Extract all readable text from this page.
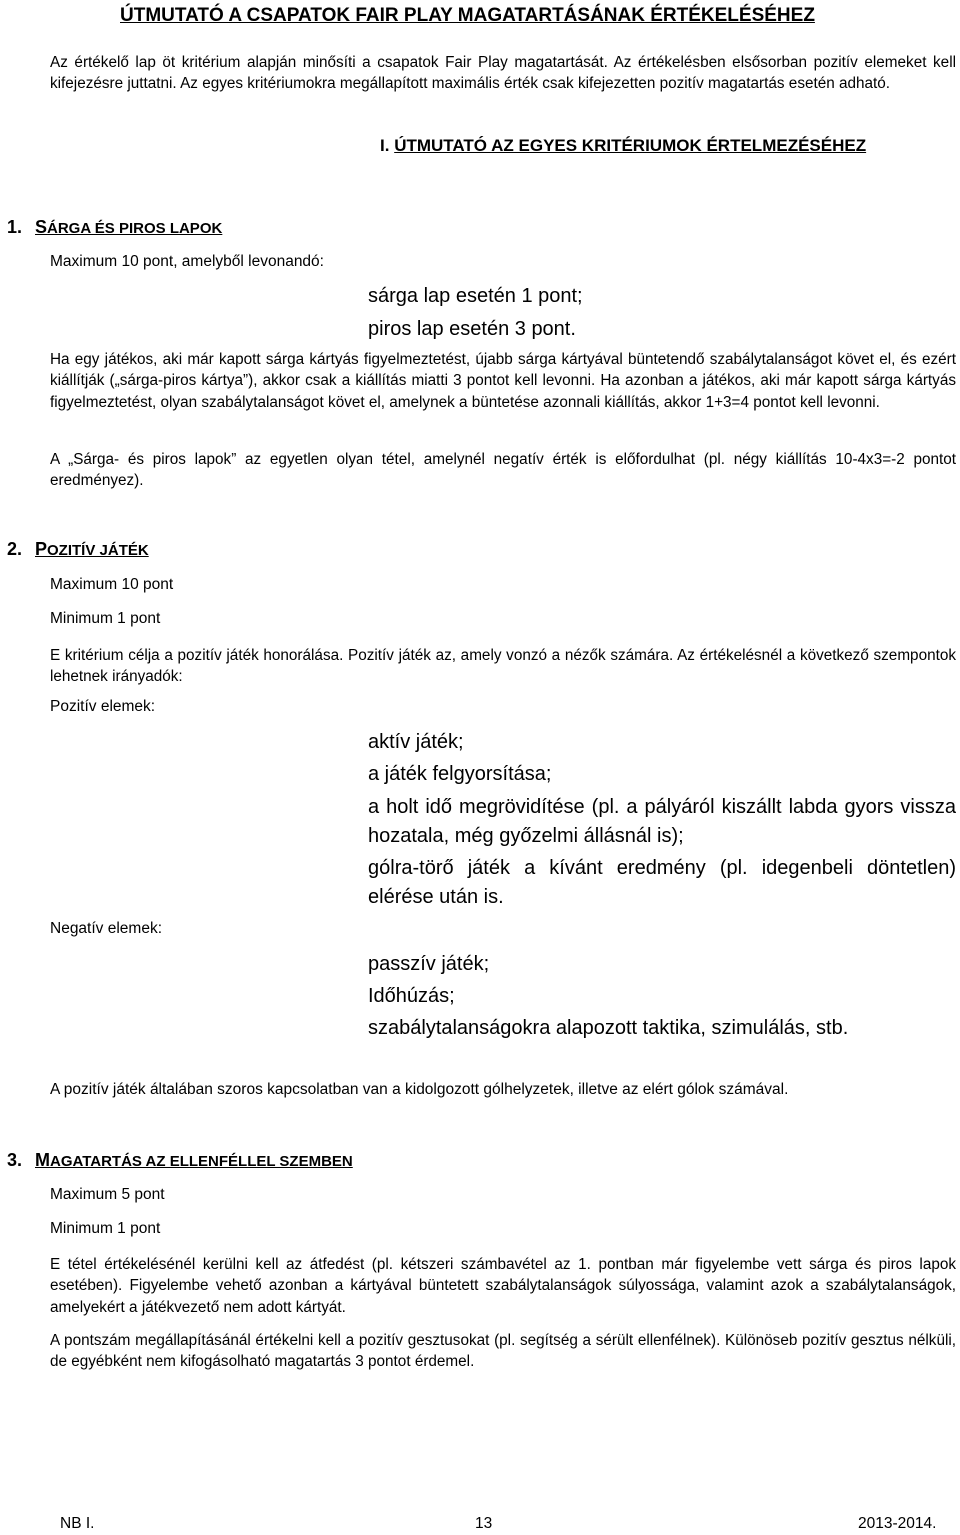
ÚTMUTATÓ A CSAPATOK FAIR PLAY MAGATARTÁSÁNAK ÉRTÉKELÉSÉHEZ
Az értékelő lap öt kritérium alapján minősíti a csapatok Fair Play magatartását. Az értékelésben elsősorban pozitív elemeket kell kifejezésre juttatni. Az egyes kritériumokra megállapított maximális érték csak kifejezetten pozitív magatartás esetén adható.
I. ÚTMUTATÓ AZ EGYES KRITÉRIUMOK ÉRTELMEZÉSÉHEZ
1. SÁRGA ÉS PIROS LAPOK
Maximum 10 pont, amelyből levonandó:
sárga lap esetén 1 pont;
piros lap esetén 3 pont.
Ha egy játékos, aki már kapott sárga kártyás figyelmeztetést, újabb sárga kártyával büntetendő szabálytalanságot követ el, és ezért kiállítják („sárga-piros kártya”), akkor csak a kiállítás miatti 3 pontot kell levonni. Ha azonban a játékos, aki már kapott sárga kártyás figyelmeztetést, olyan szabálytalanságot követ el, amelynek a büntetése azonnali kiállítás, akkor 1+3=4 pontot kell levonni.
A „Sárga- és piros lapok” az egyetlen olyan tétel, amelynél negatív érték is előfordulhat (pl. négy kiállítás 10-4x3=-2 pontot eredményez).
2. POZITÍV JÁTÉK
Maximum 10 pont
Minimum 1 pont
E kritérium célja a pozitív játék honorálása. Pozitív játék az, amely vonzó a nézők számára. Az értékelésnél a következő szempontok lehetnek irányadók:
Pozitív elemek:
aktív játék;
a játék felgyorsítása;
a holt idő megrövidítése (pl. a pályáról kiszállt labda gyors vissza hozatala, még győzelmi állásnál is);
gólra-törő játék a kívánt eredmény (pl. idegenbeli döntetlen) elérése után is.
Negatív elemek:
passzív játék;
Időhúzás;
szabálytalanságokra alapozott taktika, szimulálás, stb.
A pozitív játék általában szoros kapcsolatban van a kidolgozott gólhelyzetek, illetve az elért gólok számával.
3. MAGATARTÁS AZ ELLENFÉLLEL SZEMBEN
Maximum 5 pont
Minimum 1 pont
E tétel értékelésénél kerülni kell az átfedést (pl. kétszeri számbavétel az 1. pontban már figyelembe vett sárga és piros lapok esetében). Figyelembe vehető azonban a kártyával büntetett szabálytalanságok súlyossága, valamint azok a szabálytalanságok, amelyekért a játékvezető nem adott kártyát.
A pontszám megállapításánál értékelni kell a pozitív gesztusokat (pl. segítség a sérült ellenfélnek). Különöseb pozitív gesztus nélküli, de egyébként nem kifogásolható magatartás 3 pontot érdemel.
NB I.	13	2013-2014.
